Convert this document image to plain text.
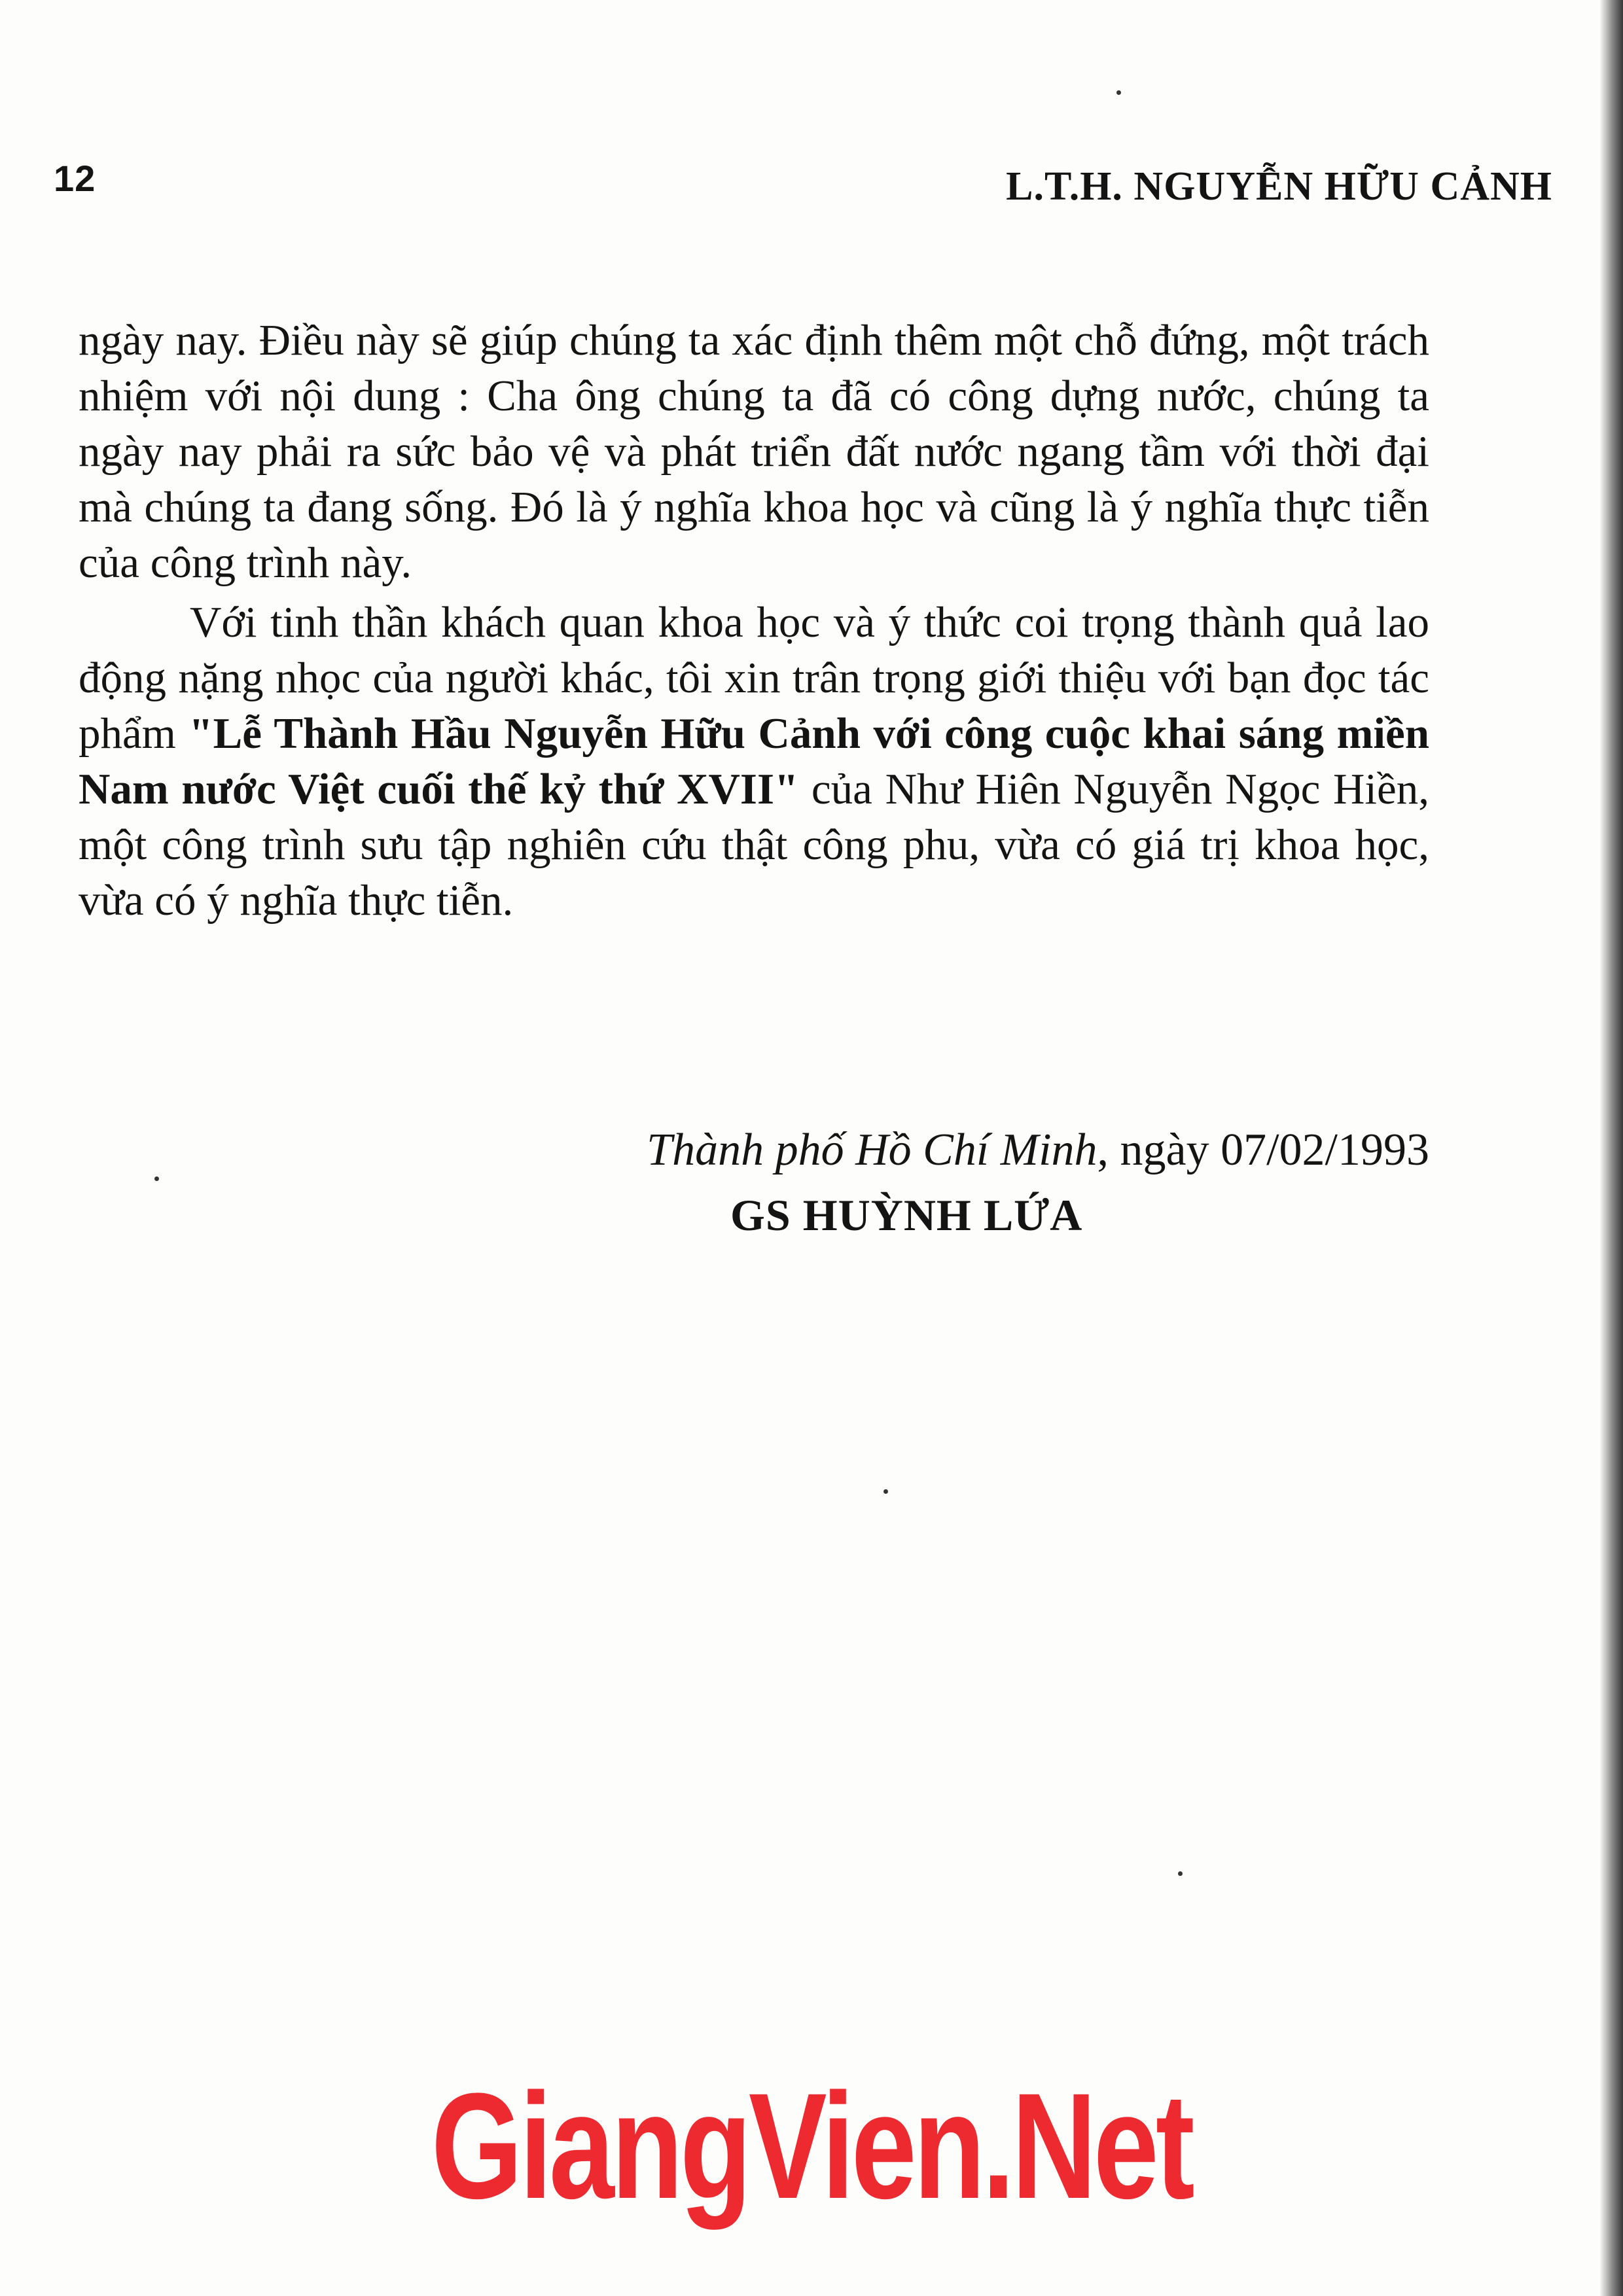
12	L.T.H. NGUYỄN HỮU CẢNH

ngày nay. Điều này sẽ giúp chúng ta xác định thêm một chỗ đứng, một trách nhiệm với nội dung : Cha ông chúng ta đã có công dựng nước, chúng ta ngày nay phải ra sức bảo vệ và phát triển đất nước ngang tầm với thời đại mà chúng ta đang sống. Đó là ý nghĩa khoa học và cũng là ý nghĩa thực tiễn của công trình này.

Với tinh thần khách quan khoa học và ý thức coi trọng thành quả lao động nặng nhọc của người khác, tôi xin trân trọng giới thiệu với bạn đọc tác phẩm "Lễ Thành Hầu Nguyễn Hữu Cảnh với công cuộc khai sáng miền Nam nước Việt cuối thế kỷ thứ XVII" của Như Hiên Nguyễn Ngọc Hiền, một công trình sưu tập nghiên cứu thật công phu, vừa có giá trị khoa học, vừa có ý nghĩa thực tiễn.

Thành phố Hồ Chí Minh, ngày 07/02/1993
GS HUỲNH LỨA
GiangVien.Net
